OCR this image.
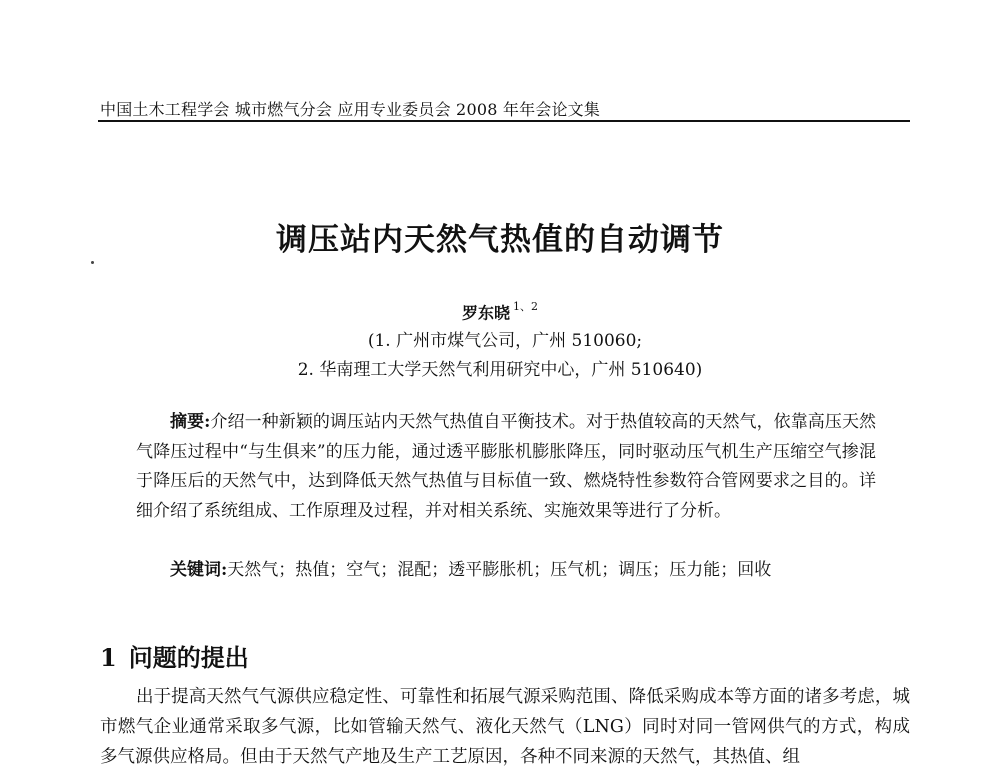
中国土木工程学会 城市燃气分会 应用专业委员会 2008 年年会论文集
调压站内天然气热值的自动调节
罗东晓 $^{1、2}$
(1. 广州市煤气公司，广州 510060;
2. 华南理工大学天然气利用研究中心，广州 510640)

摘要:介绍一种新颖的调压站内天然气热值自平衡技术。对于热值较高的天然气，依靠高压天然气降压过程中“与生俱来”的压力能，通过透平膨胀机膨胀降压，同时驱动压气机生产压缩空气掺混于降压后的天然气中，达到降低天然气热值与目标值一致、燃烧特性参数符合管网要求之目的。详细介绍了系统组成、工作原理及过程，并对相关系统、实施效果等进行了分析。

关键词:天然气；热值；空气；混配；透平膨胀机；压气机；调压；压力能；回收
1 问题的提出

出于提高天然气气源供应稳定性、可靠性和拓展气源采购范围、降低采购成本等方面的诸多考虑，城市燃气企业通常采取多气源，比如管输天然气、液化天然气（LNG）同时对同一管网供气的方式，构成多气源供应格局。但由于天然气产地及生产工艺原因，各种不同来源的天然气，其热值、组
